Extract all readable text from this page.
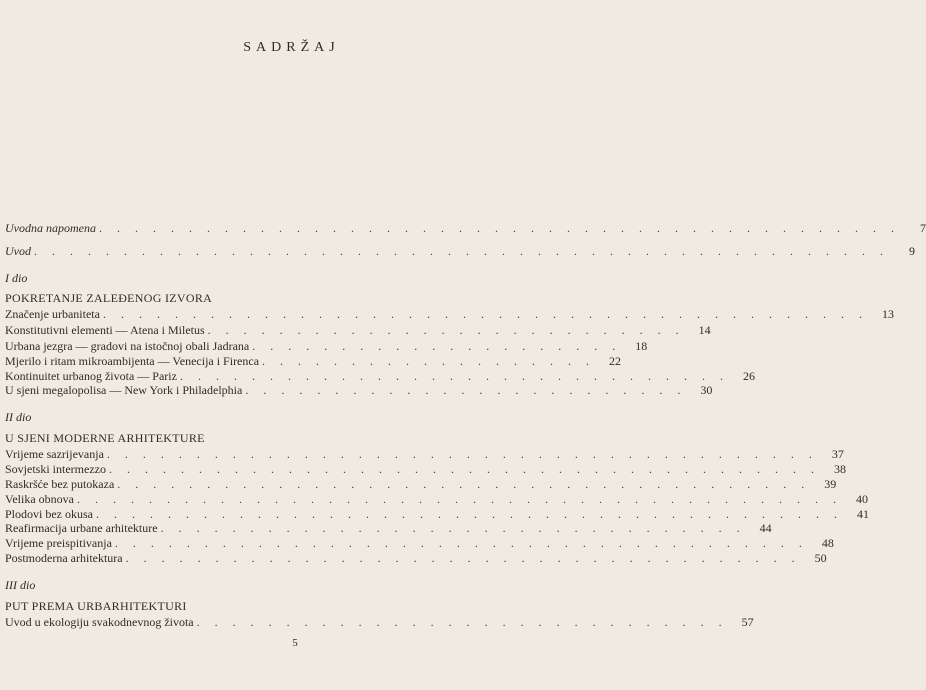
SADRŽAJ
Uvodna napomena . . . . . . . . . . . . . . . . . . . . . . . . . . . . . . . . . . . . . . . . . . . . .	7
Uvod . . . . . . . . . . . . . . . . . . . . . . . . . . . . . . . . . . . . . . . . . . . . . . . .	9
I dio
POKRETANJE ZALEĐENOG IZVORA
Značenje urbaniteta . . . . . . . . . . . . . . . . . . . . . . . . . . . . . . . . . . . . . . . . . . .	13
Konstitutivni elementi — Atena i Miletus . . . . . . . . . . . . . . . . . . . . . . . . . . .	14
Urbana jezgra — gradovi na istočnoj obali Jadrana . . . . . . . . . . . . . . . . . . . . .	18
Mjerilo i ritam mikroambijenta — Venecija i Firenca . . . . . . . . . . . . . . . . . . .	22
Kontinuitet urbanog života — Pariz . . . . . . . . . . . . . . . . . . . . . . . . . . . . . . .	26
U sjeni megalopolisa — New York i Philadelphia . . . . . . . . . . . . . . . . . . . . . . . . .	30
II dio
U SJENI MODERNE ARHITEKTURE
Vrijeme sazrijevanja . . . . . . . . . . . . . . . . . . . . . . . . . . . . . . . . . . . . . . . .	37
Sovjetski intermezzo . . . . . . . . . . . . . . . . . . . . . . . . . . . . . . . . . . . . . . . .	38
Raskršće bez putokaza . . . . . . . . . . . . . . . . . . . . . . . . . . . . . . . . . . . . . . .	39
Velika obnova . . . . . . . . . . . . . . . . . . . . . . . . . . . . . . . . . . . . . . . . . . .	40
Plodovi bez okusa . . . . . . . . . . . . . . . . . . . . . . . . . . . . . . . . . . . . . . . . . .	41
Reafirmacija urbane arhitekture . . . . . . . . . . . . . . . . . . . . . . . . . . . . . . . . .	44
Vrijeme preispitivanja . . . . . . . . . . . . . . . . . . . . . . . . . . . . . . . . . . . . . . .	48
Postmoderna arhitektura . . . . . . . . . . . . . . . . . . . . . . . . . . . . . . . . . . . . . .	50
III dio
PUT PREMA URBARHITEKTURI
Uvod u ekologiju svakodnevnog života . . . . . . . . . . . . . . . . . . . . . . . . . . . . . .	57
5
